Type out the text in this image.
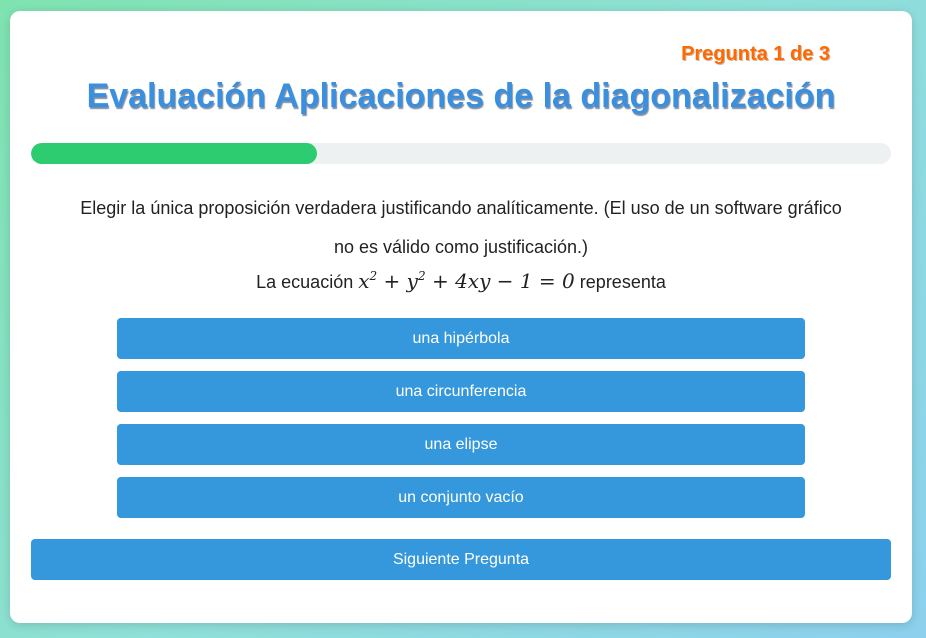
Pregunta 1 de 3
Evaluación Aplicaciones de la diagonalización
Elegir la única proposición verdadera justificando analíticamente. (El uso de un software gráfico no es válido como justificación.)
La ecuación $x^2 + y^2 + 4xy - 1 = 0$ representa
una hipérbola
una circunferencia
una elipse
un conjunto vacío
Siguiente Pregunta
